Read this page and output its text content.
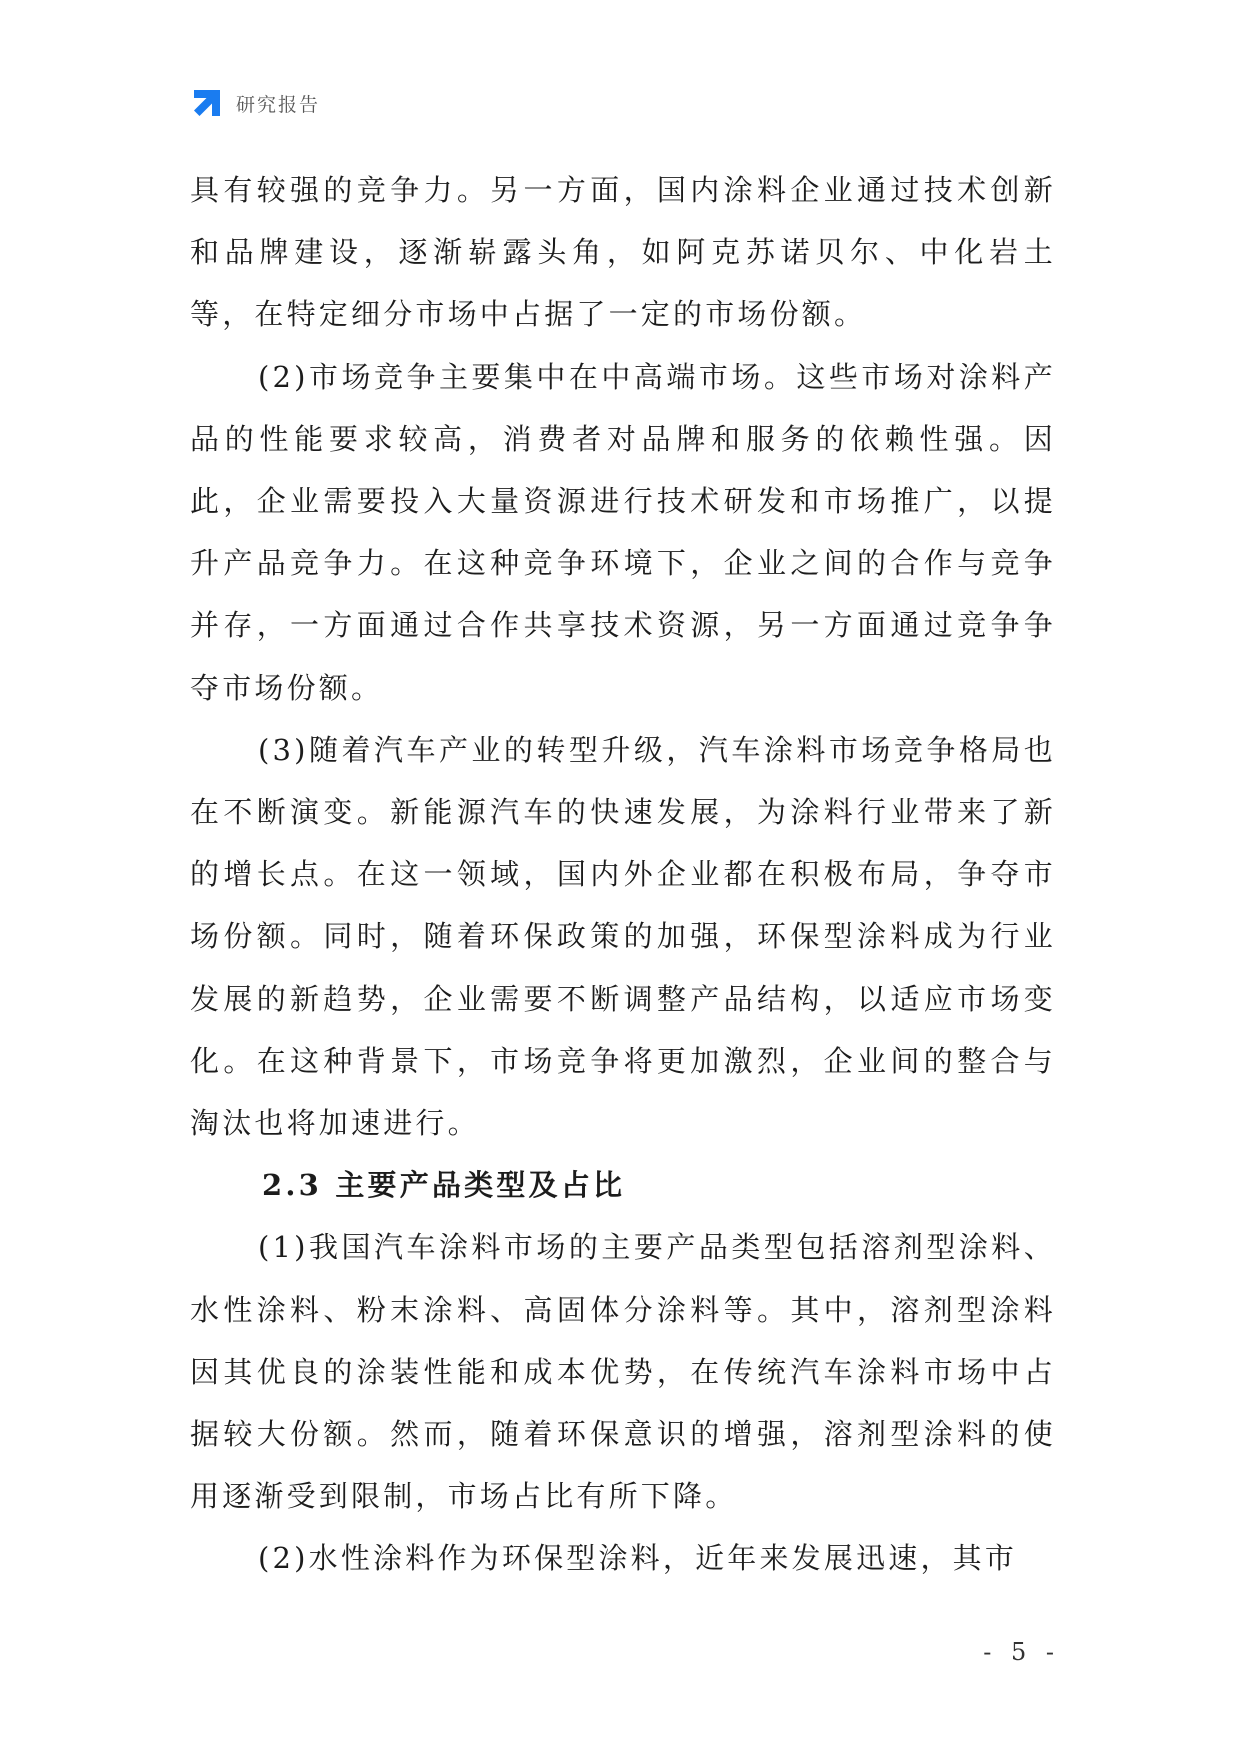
研究报告

具有较强的竞争力。另一方面，国内涂料企业通过技术创新和品牌建设，逐渐崭露头角，如阿克苏诺贝尔、中化岩土等，在特定细分市场中占据了一定的市场份额。

(2)市场竞争主要集中在中高端市场。这些市场对涂料产品的性能要求较高，消费者对品牌和服务的依赖性强。因此，企业需要投入大量资源进行技术研发和市场推广，以提升产品竞争力。在这种竞争环境下，企业之间的合作与竞争并存，一方面通过合作共享技术资源，另一方面通过竞争争夺市场份额。

(3)随着汽车产业的转型升级，汽车涂料市场竞争格局也在不断演变。新能源汽车的快速发展，为涂料行业带来了新的增长点。在这一领域，国内外企业都在积极布局，争夺市场份额。同时，随着环保政策的加强，环保型涂料成为行业发展的新趋势，企业需要不断调整产品结构，以适应市场变化。在这种背景下，市场竞争将更加激烈，企业间的整合与淘汰也将加速进行。

2.3 主要产品类型及占比

(1)我国汽车涂料市场的主要产品类型包括溶剂型涂料、水性涂料、粉末涂料、高固体分涂料等。其中，溶剂型涂料因其优良的涂装性能和成本优势，在传统汽车涂料市场中占据较大份额。然而，随着环保意识的增强，溶剂型涂料的使用逐渐受到限制，市场占比有所下降。

(2)水性涂料作为环保型涂料，近年来发展迅速，其市

- 5 -
